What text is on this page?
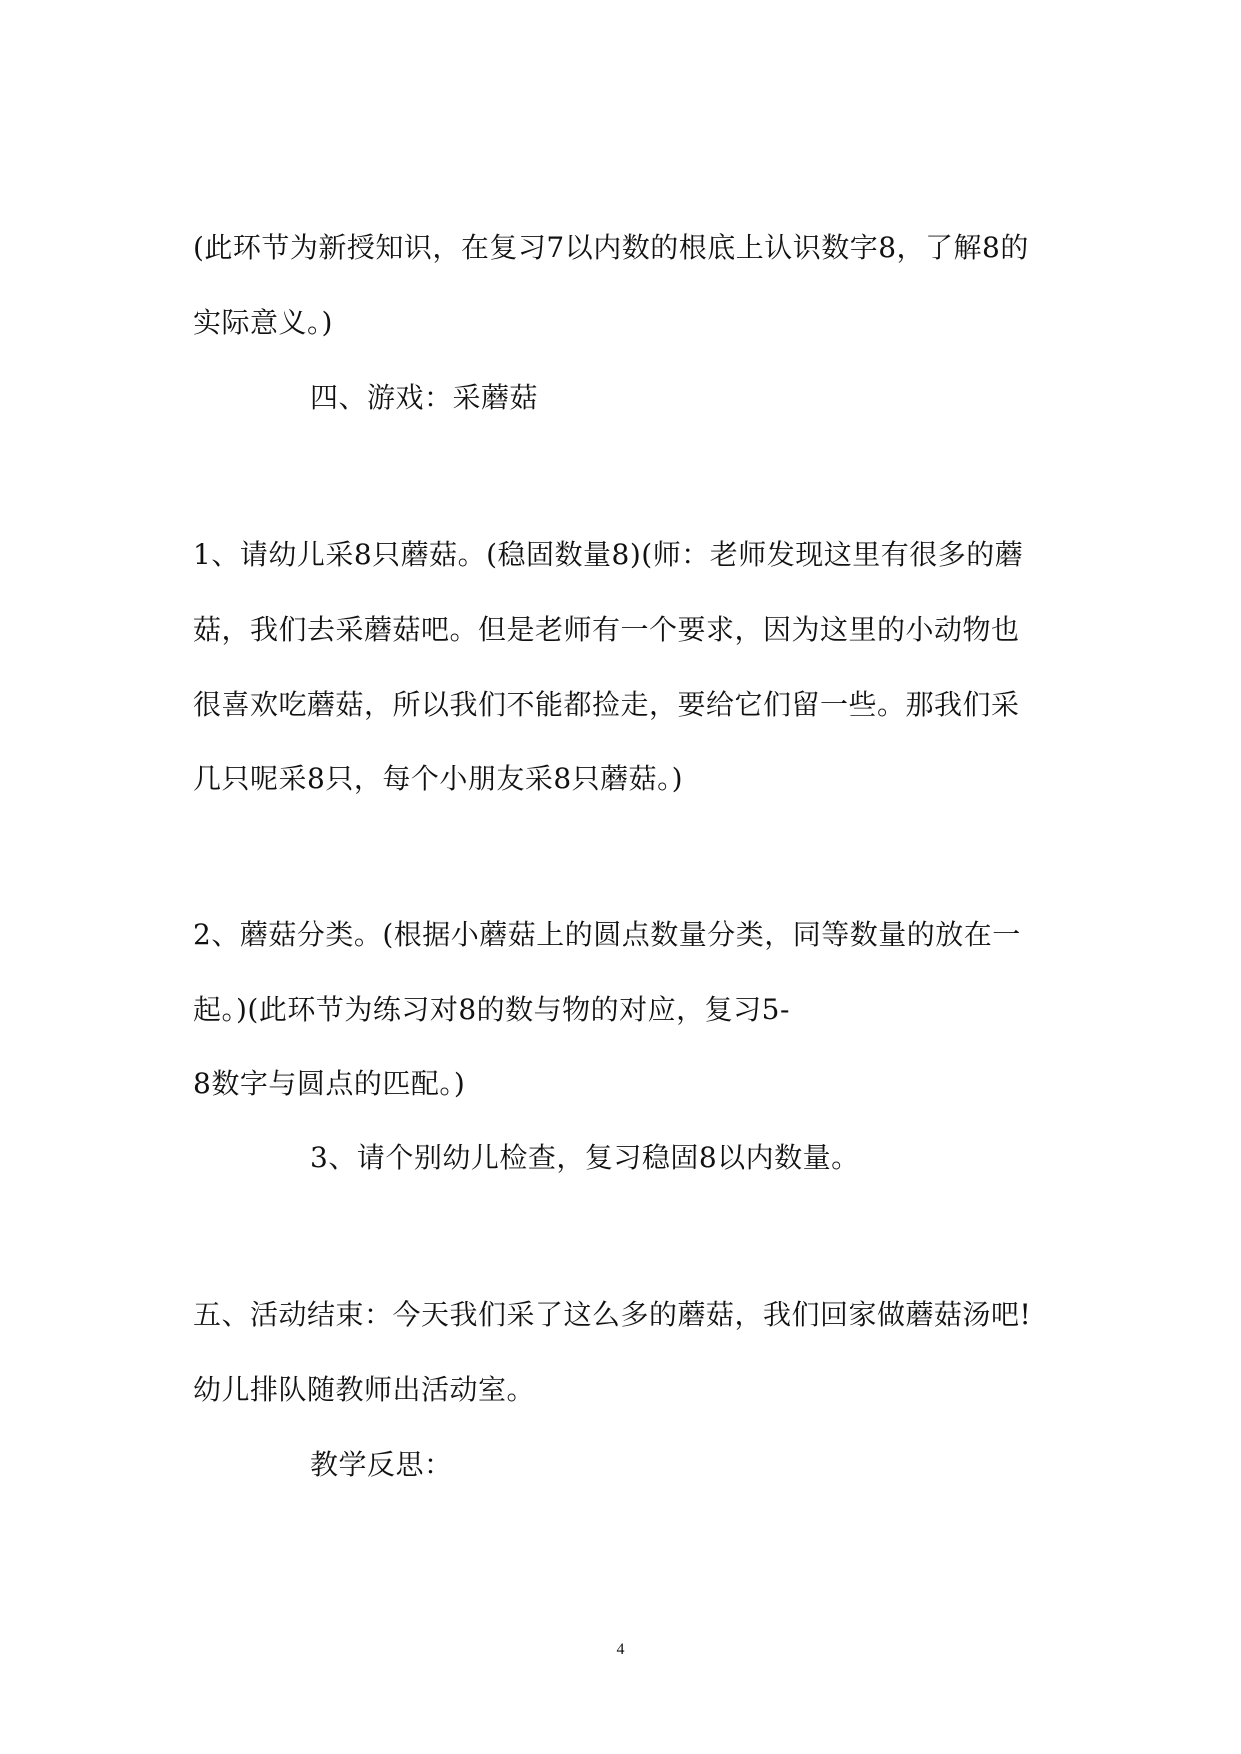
(此环节为新授知识，在复习7以内数的根底上认识数字8，了解8的
实际意义。)
四、游戏：采蘑菇
1、请幼儿采8只蘑菇。(稳固数量8)(师：老师发现这里有很多的蘑
菇，我们去采蘑菇吧。但是老师有一个要求，因为这里的小动物也
很喜欢吃蘑菇，所以我们不能都捡走，要给它们留一些。那我们采
几只呢采8只，每个小朋友采8只蘑菇。)
2、蘑菇分类。(根据小蘑菇上的圆点数量分类，同等数量的放在一
起。)(此环节为练习对8的数与物的对应，复习5-
8数字与圆点的匹配。)
3、请个别幼儿检查，复习稳固8以内数量。
五、活动结束：今天我们采了这么多的蘑菇，我们回家做蘑菇汤吧!
幼儿排队随教师出活动室。
教学反思：
4
